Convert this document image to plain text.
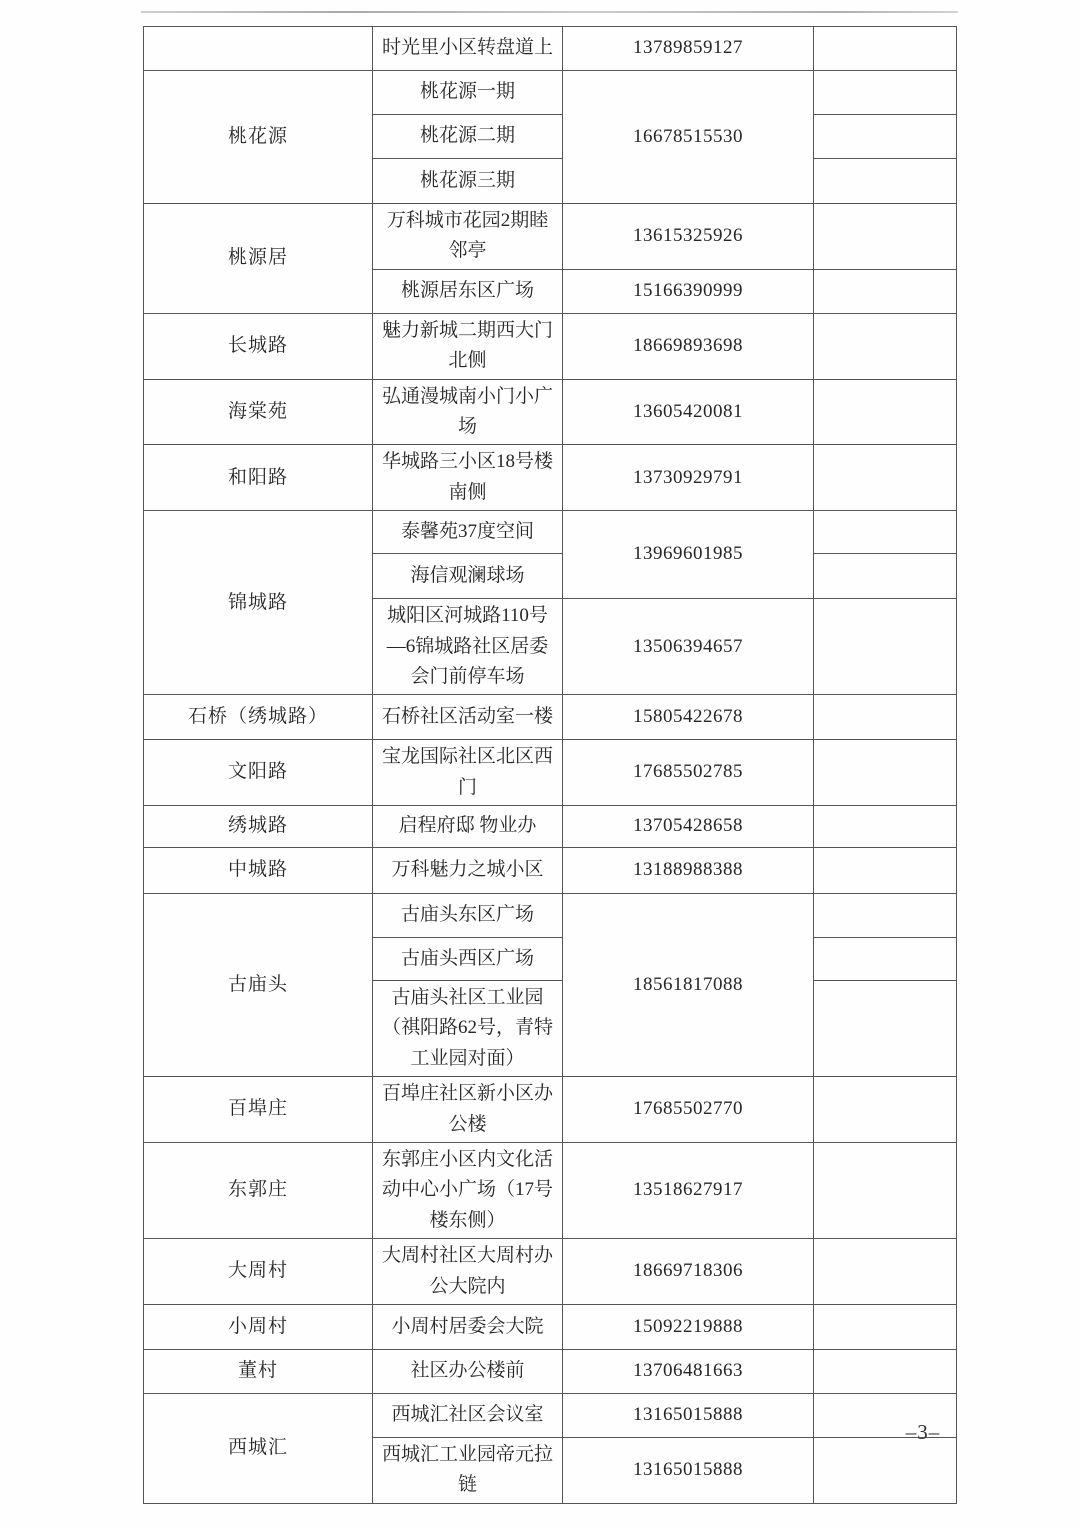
	时光里小区转盘道上	13789859127	
桃花源	桃花源一期	16678515530	
	桃花源二期		
	桃花源三期		
桃源居	万科城市花园2期睦邻亭	13615325926	
	桃源居东区广场	15166390999	
长城路	魅力新城二期西大门北侧	18669893698	
海棠苑	弘通漫城南小门小广场	13605420081	
和阳路	华城路三小区18号楼南侧	13730929791	
锦城路	泰馨苑37度空间	13969601985	
	海信观澜球场		
	城阳区河城路110号—6锦城路社区居委会门前停车场	13506394657	
石桥（绣城路）	石桥社区活动室一楼	15805422678	
文阳路	宝龙国际社区北区西门	17685502785	
绣城路	启程府邸 物业办	13705428658	
中城路	万科魅力之城小区	13188988388	
古庙头	古庙头东区广场	18561817088	
	古庙头西区广场		
	古庙头社区工业园（祺阳路62号，青特工业园对面）		
百埠庄	百埠庄社区新小区办公楼	17685502770	
东郭庄	东郭庄小区内文化活动中心小广场（17号楼东侧）	13518627917	
大周村	大周村社区大周村办公大院内	18669718306	
小周村	小周村居委会大院	15092219888	
董村	社区办公楼前	13706481663	
西城汇	西城汇社区会议室	13165015888	
	西城汇工业园帝元拉链	13165015888	
–3–
